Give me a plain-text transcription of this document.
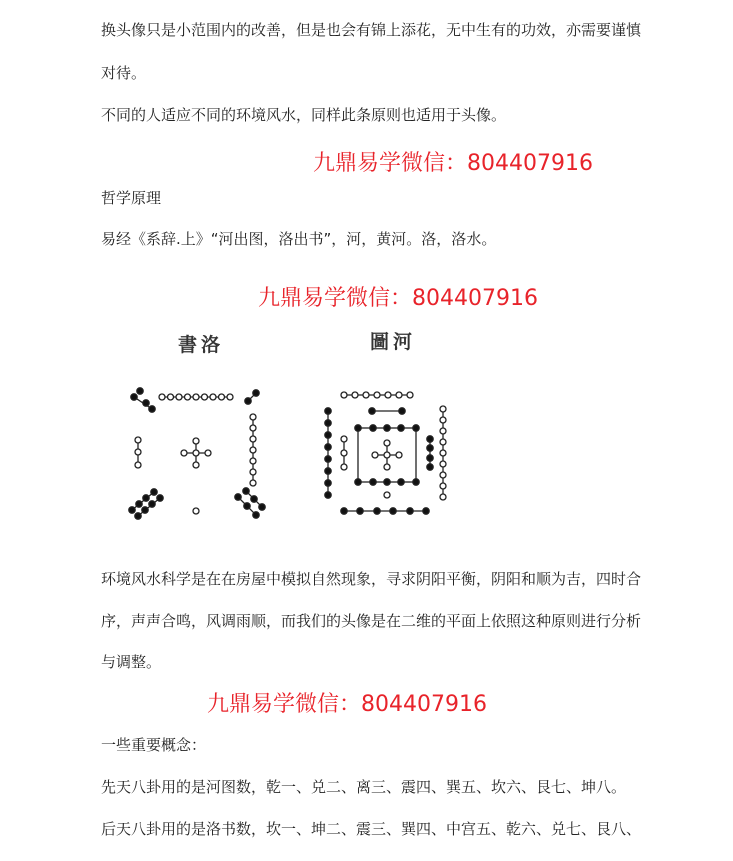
换头像只是小范围内的改善，但是也会有锦上添花，无中生有的功效，亦需要谨慎
对待。
不同的人适应不同的环境风水，同样此条原则也适用于头像。
九鼎易学微信：804407916
哲学原理
易经《系辞.上》“河出图，洛出书”，河，黄河。洛，洛水。
九鼎易学微信：804407916
書洛	圖河
环境风水科学是在在房屋中模拟自然现象，寻求阴阳平衡，阴阳和顺为吉，四时合
序，声声合鸣，风调雨顺，而我们的头像是在二维的平面上依照这种原则进行分析
与调整。
九鼎易学微信：804407916
一些重要概念：
先天八卦用的是河图数，乾一、兑二、离三、震四、巽五、坎六、艮七、坤八。
后天八卦用的是洛书数，坎一、坤二、震三、巽四、中宫五、乾六、兑七、艮八、
